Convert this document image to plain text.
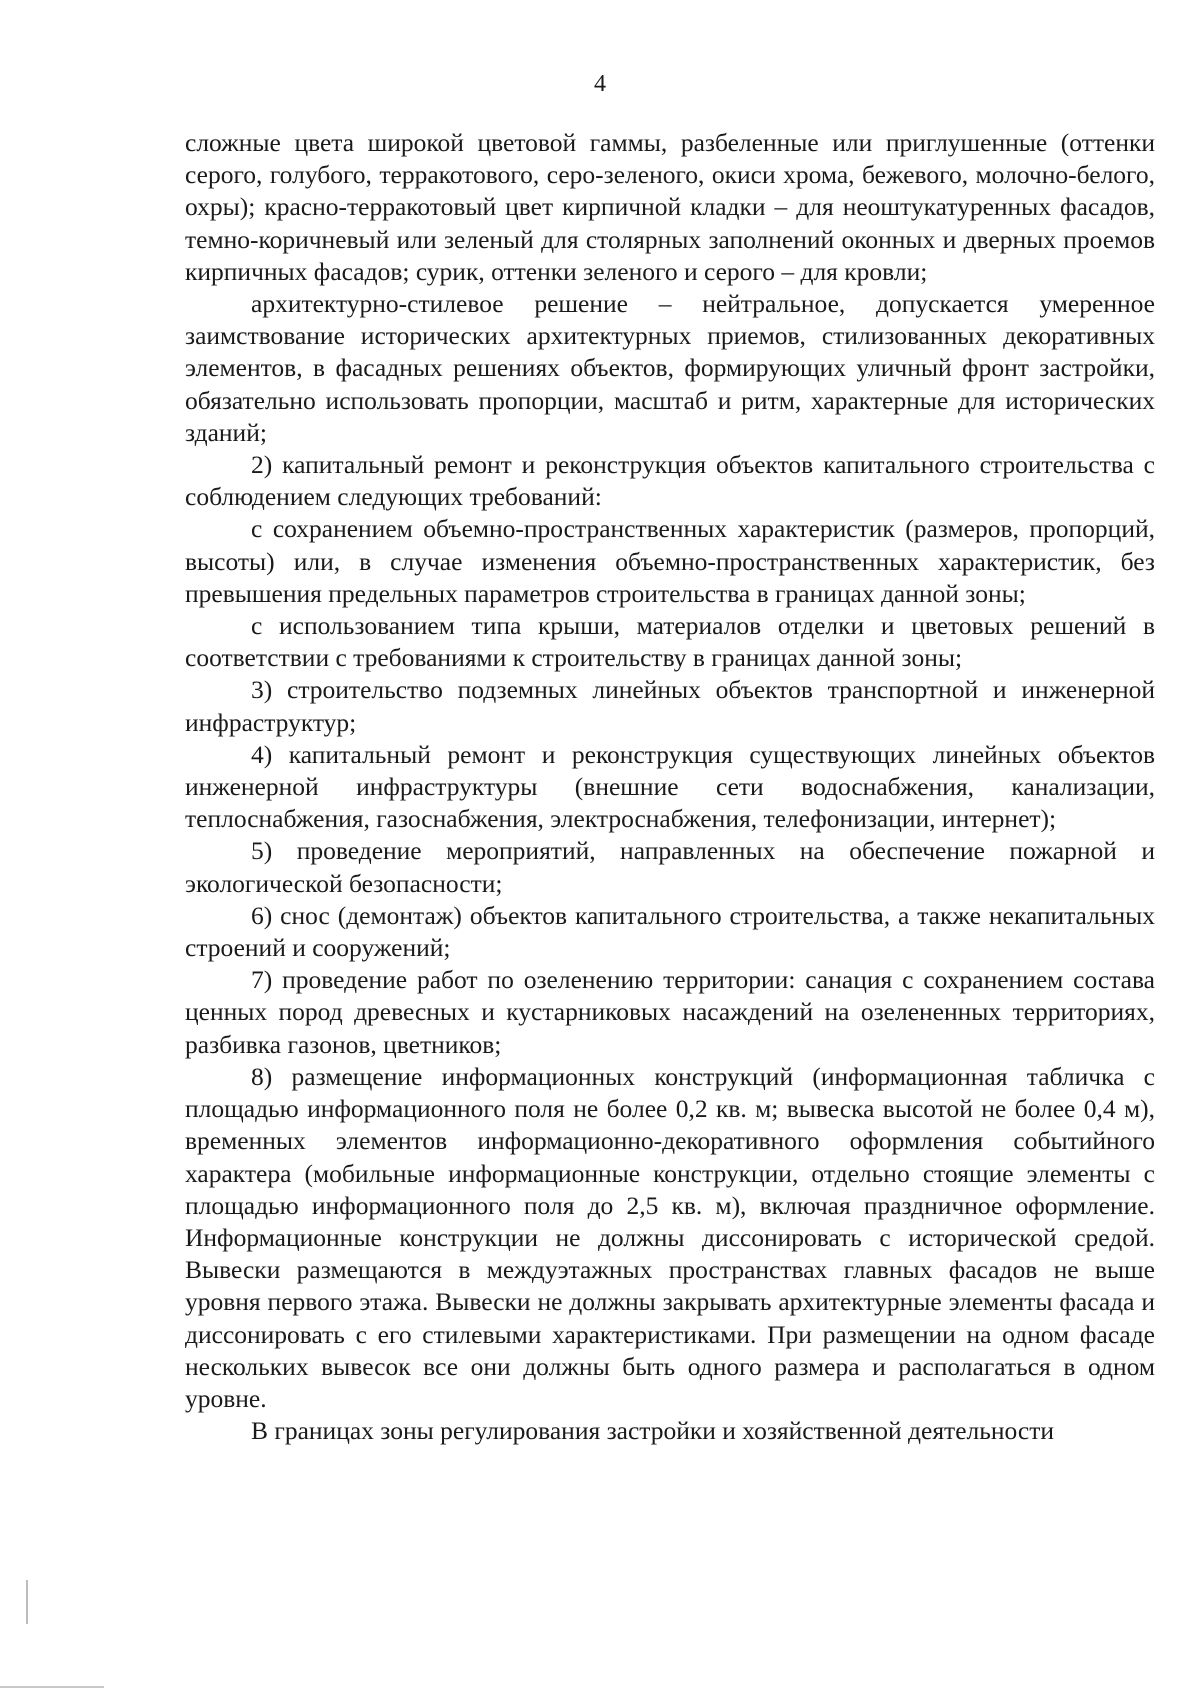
4

сложные цвета широкой цветовой гаммы, разбеленные или приглушенные (оттенки серого, голубого, терракотового, серо-зеленого, окиси хрома, бежевого, молочно-белого, охры); красно-терракотовый цвет кирпичной кладки – для неоштукатуренных фасадов, темно-коричневый или зеленый для столярных заполнений оконных и дверных проемов кирпичных фасадов; сурик, оттенки зеленого и серого – для кровли;

архитектурно-стилевое решение – нейтральное, допускается умеренное заимствование исторических архитектурных приемов, стилизованных декоративных элементов, в фасадных решениях объектов, формирующих уличный фронт застройки, обязательно использовать пропорции, масштаб и ритм, характерные для исторических зданий;

2) капитальный ремонт и реконструкция объектов капитального строительства с соблюдением следующих требований:

с сохранением объемно-пространственных характеристик (размеров, пропорций, высоты) или, в случае изменения объемно-пространственных характеристик, без превышения предельных параметров строительства в границах данной зоны;

с использованием типа крыши, материалов отделки и цветовых решений в соответствии с требованиями к строительству в границах данной зоны;

3) строительство подземных линейных объектов транспортной и инженерной инфраструктур;

4) капитальный ремонт и реконструкция существующих линейных объектов инженерной инфраструктуры (внешние сети водоснабжения, канализации, теплоснабжения, газоснабжения, электроснабжения, телефонизации, интернет);

5) проведение мероприятий, направленных на обеспечение пожарной и экологической безопасности;

6) снос (демонтаж) объектов капитального строительства, а также некапитальных строений и сооружений;

7) проведение работ по озеленению территории: санация с сохранением состава ценных пород древесных и кустарниковых насаждений на озелененных территориях, разбивка газонов, цветников;

8) размещение информационных конструкций (информационная табличка с площадью информационного поля не более 0,2 кв. м; вывеска высотой не более 0,4 м), временных элементов информационно-декоративного оформления событийного характера (мобильные информационные конструкции, отдельно стоящие элементы с площадью информационного поля до 2,5 кв. м), включая праздничное оформление. Информационные конструкции не должны диссонировать с исторической средой. Вывески размещаются в междуэтажных пространствах главных фасадов не выше уровня первого этажа. Вывески не должны закрывать архитектурные элементы фасада и диссонировать с его стилевыми характеристиками. При размещении на одном фасаде нескольких вывесок все они должны быть одного размера и располагаться в одном уровне.

В границах зоны регулирования застройки и хозяйственной деятельности
